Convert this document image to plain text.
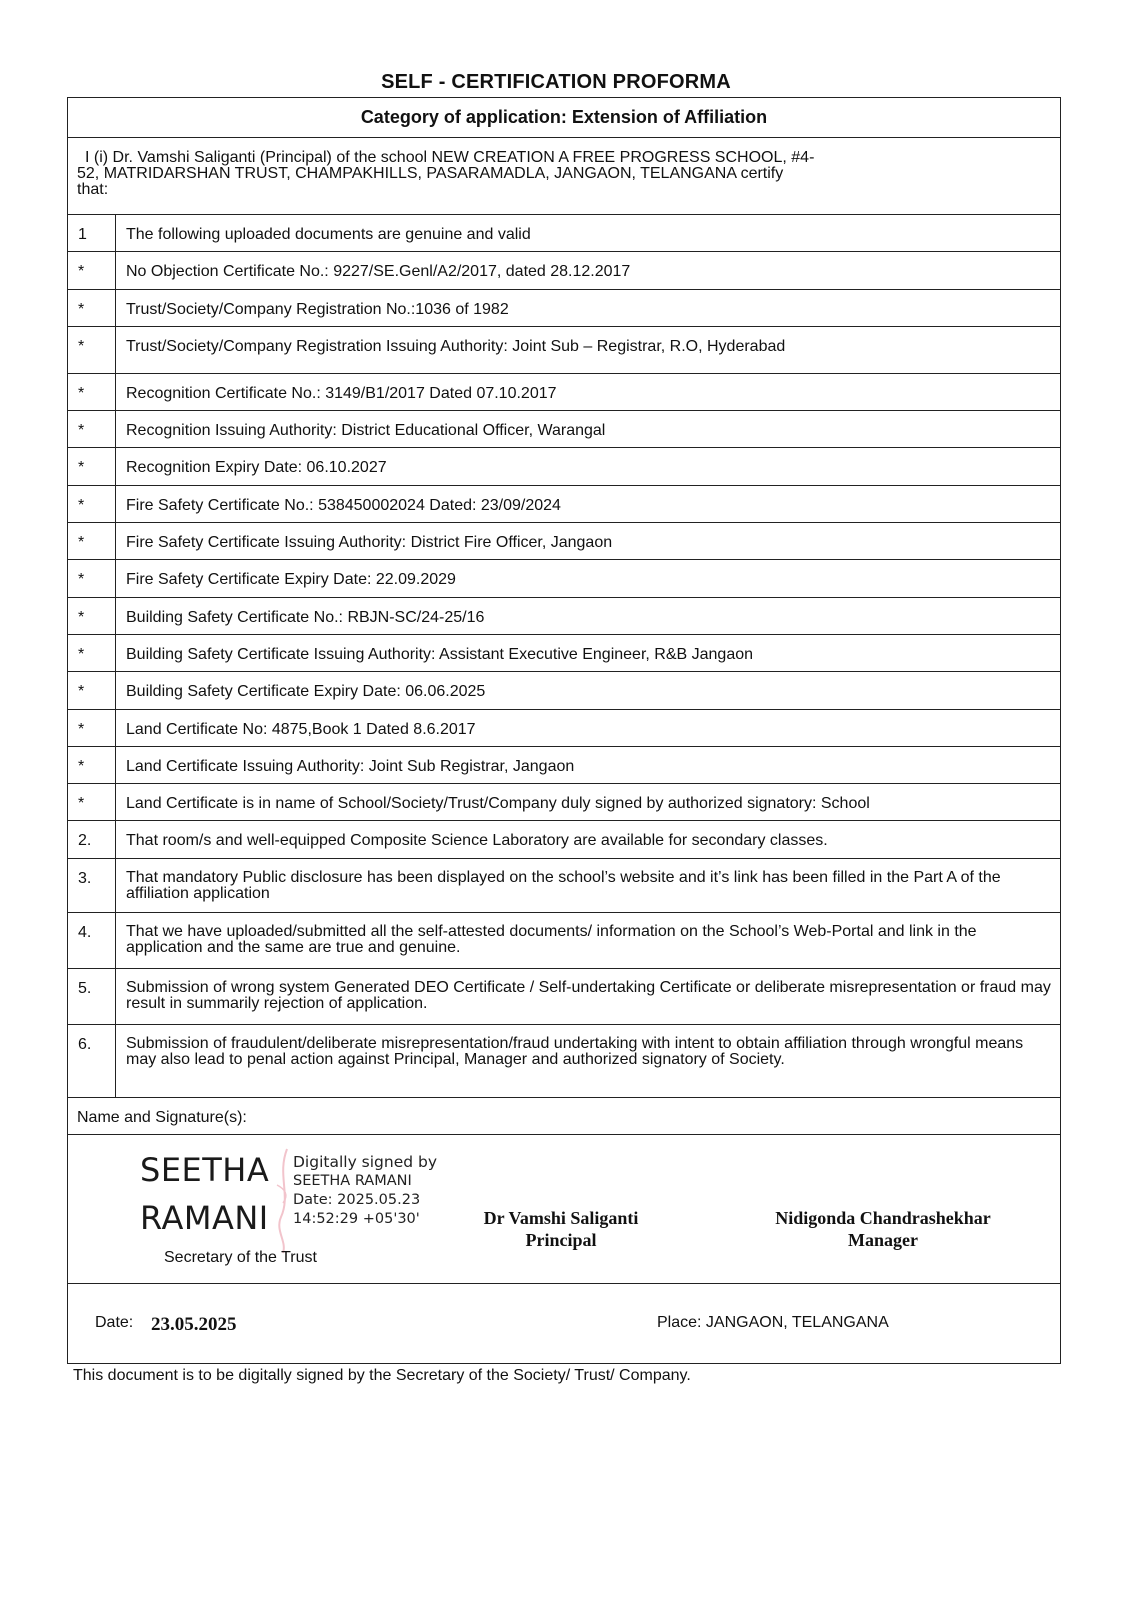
SELF - CERTIFICATION PROFORMA
Category of application: Extension of Affiliation
I (i) Dr. Vamshi Saliganti (Principal) of the school NEW CREATION A FREE PROGRESS SCHOOL, #4-
52, MATRIDARSHAN TRUST, CHAMPAKHILLS, PASARAMADLA, JANGAON, TELANGANA certify
that:
1	The following uploaded documents are genuine and valid
*	No Objection Certificate No.: 9227/SE.Genl/A2/2017, dated 28.12.2017
*	Trust/Society/Company Registration No.:1036 of 1982
*	Trust/Society/Company Registration Issuing Authority: Joint Sub – Registrar, R.O, Hyderabad
*	Recognition Certificate No.: 3149/B1/2017 Dated 07.10.2017
*	Recognition Issuing Authority: District Educational Officer, Warangal
*	Recognition Expiry Date: 06.10.2027
*	Fire Safety Certificate No.: 538450002024 Dated: 23/09/2024
*	Fire Safety Certificate Issuing Authority: District Fire Officer, Jangaon
*	Fire Safety Certificate Expiry Date: 22.09.2029
*	Building Safety Certificate No.: RBJN-SC/24-25/16
*	Building Safety Certificate Issuing Authority: Assistant Executive Engineer, R&B Jangaon
*	Building Safety Certificate Expiry Date: 06.06.2025
*	Land Certificate No: 4875,Book 1 Dated 8.6.2017
*	Land Certificate Issuing Authority: Joint Sub Registrar, Jangaon
*	Land Certificate is in name of School/Society/Trust/Company duly signed by authorized signatory: School
2.	That room/s and well-equipped Composite Science Laboratory are available for secondary classes.
3.	That mandatory Public disclosure has been displayed on the school’s website and it’s link has been filled in the Part A of the affiliation application
4.	That we have uploaded/submitted all the self-attested documents/ information on the School’s Web-Portal and link in the application and the same are true and genuine.
5.	Submission of wrong system Generated DEO Certificate / Self-undertaking Certificate or deliberate misrepresentation or fraud may result in summarily rejection of application.
6.	Submission of fraudulent/deliberate misrepresentation/fraud undertaking with intent to obtain affiliation through wrongful means may also lead to penal action against Principal, Manager and authorized signatory of Society.
Name and Signature(s):
SEETHA
RAMANI
Digitally signed by
SEETHA RAMANI
Date: 2025.05.23
14:52:29 +05'30'
Secretary of the Trust
Dr Vamshi Saliganti
Principal
Nidigonda Chandrashekhar
Manager
Date: 23.05.2025	Place: JANGAON, TELANGANA
This document is to be digitally signed by the Secretary of the Society/ Trust/ Company.
